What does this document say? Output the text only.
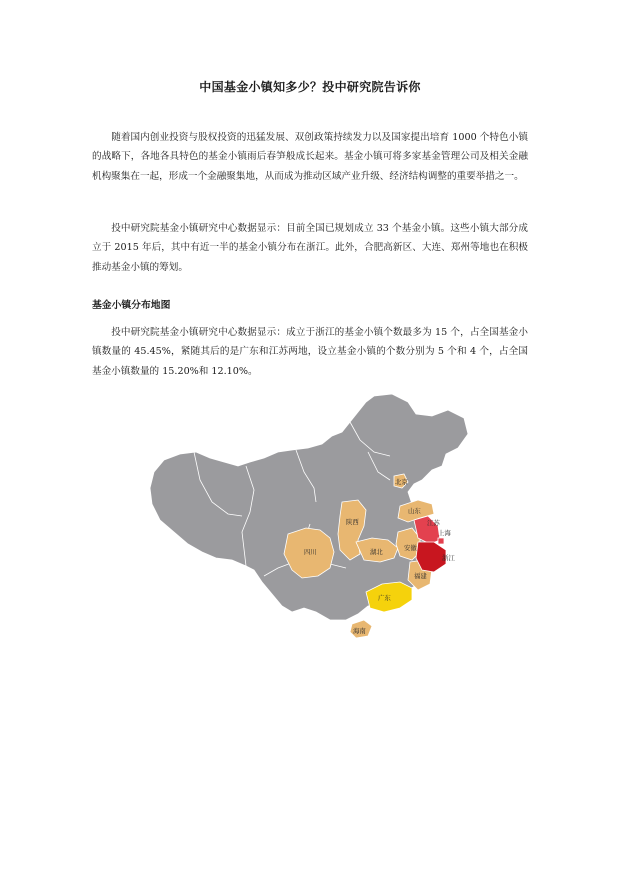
中国基金小镇知多少？投中研究院告诉你

随着国内创业投资与股权投资的迅猛发展、双创政策持续发力以及国家提出培育 1000 个特色小镇的战略下，各地各具特色的基金小镇雨后春笋般成长起来。基金小镇可将多家基金管理公司及相关金融机构聚集在一起，形成一个金融聚集地，从而成为推动区域产业升级、经济结构调整的重要举措之一。

投中研究院基金小镇研究中心数据显示：目前全国已规划成立 33 个基金小镇。这些小镇大部分成立于 2015 年后，其中有近一半的基金小镇分布在浙江。此外，合肥高新区、大连、郑州等地也在积极推动基金小镇的筹划。

基金小镇分布地图

投中研究院基金小镇研究中心数据显示：成立于浙江的基金小镇个数最多为 15 个，占全国基金小镇数量的 45.45%，紧随其后的是广东和江苏两地，设立基金小镇的个数分别为 5 个和 4 个，占全国基金小镇数量的 15.20%和 12.10%。

北京
山东
江苏
上海
安徽
浙江
福建
广东
海南
陕西
四川	湖北
